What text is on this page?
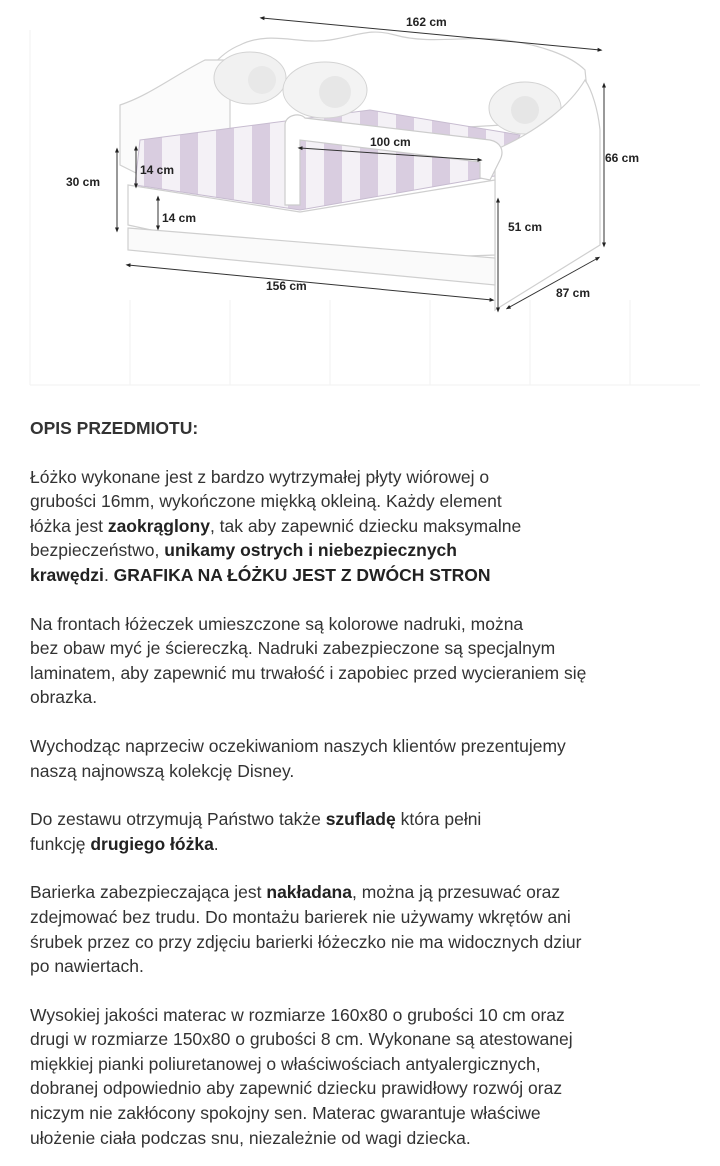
162 cm
66 cm
100 cm
30 cm
14 cm
14 cm
51 cm
156 cm	87 cm
OPIS PRZEDMIOTU:

Łóżko wykonane jest z bardzo wytrzymałej płyty wiórowej o
grubości 16mm, wykończone miękką okleiną. Każdy element
łóżka jest zaokrąglony, tak aby zapewnić dziecku maksymalne
bezpieczeństwo, unikamy ostrych i niebezpiecznych
krawędzi. GRAFIKA NA ŁÓŻKU JEST Z DWÓCH STRON

Na frontach łóżeczek umieszczone są kolorowe nadruki, można
bez obaw myć je ściereczką. Nadruki zabezpieczone są specjalnym
laminatem, aby zapewnić mu trwałość i zapobiec przed wycieraniem się
obrazka.

Wychodząc naprzeciw oczekiwaniom naszych klientów prezentujemy
naszą najnowszą kolekcję Disney.

Do zestawu otrzymują Państwo także szufladę która pełni
funkcję drugiego łóżka.

Barierka zabezpieczająca jest nakładana, można ją przesuwać oraz
zdejmować bez trudu. Do montażu barierek nie używamy wkrętów ani
śrubek przez co przy zdjęciu barierki łóżeczko nie ma widocznych dziur
po nawiertach.

Wysokiej jakości materac w rozmiarze 160x80 o grubości 10 cm oraz
drugi w rozmiarze 150x80 o grubości 8 cm. Wykonane są atestowanej
miękkiej pianki poliuretanowej o właściwościach antyalergicznych,
dobranej odpowiednio aby zapewnić dziecku prawidłowy rozwój oraz
niczym nie zakłócony spokojny sen. Materac gwarantuje właściwe
ułożenie ciała podczas snu, niezależnie od wagi dziecka.
